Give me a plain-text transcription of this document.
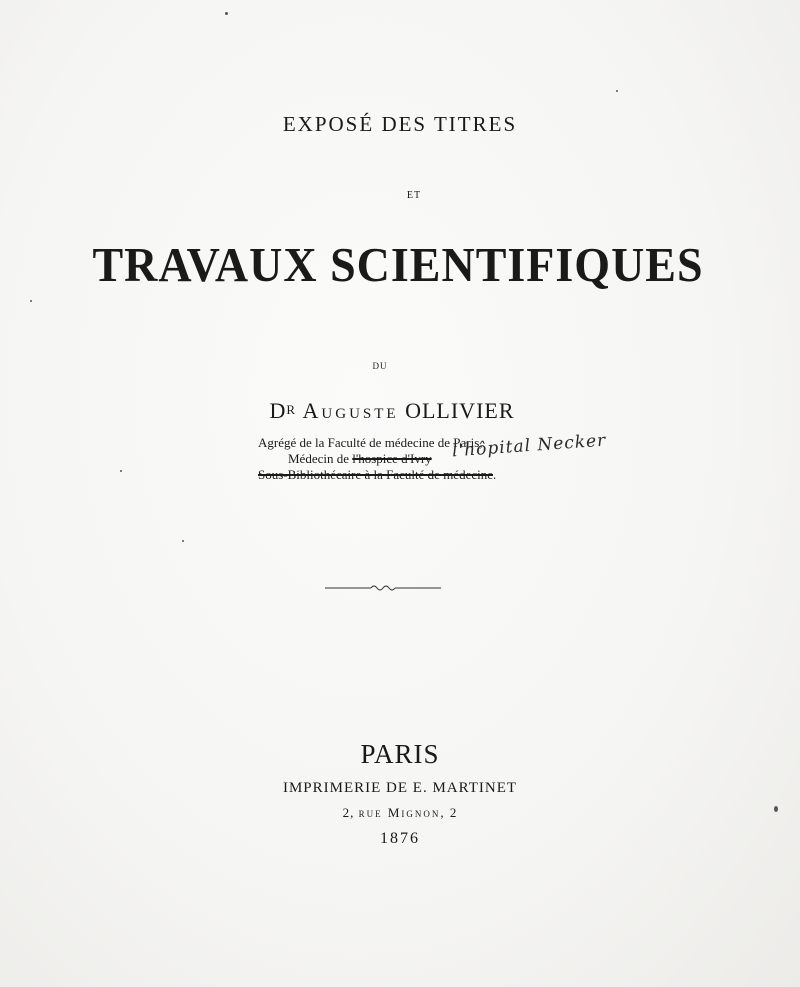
EXPOSÉ DES TITRES
ET
TRAVAUX SCIENTIFIQUES
DU
$D^R$ Auguste OLLIVIER
Agrégé de la Faculté de médecine de Paris,
Médecin de l'hospice d'Ivry
Sous-Bibliothécaire à la Faculté de médecine.
l'hôpital Necker
PARIS
IMPRIMERIE DE E. MARTINET
2, rue Mignon, 2
1876
